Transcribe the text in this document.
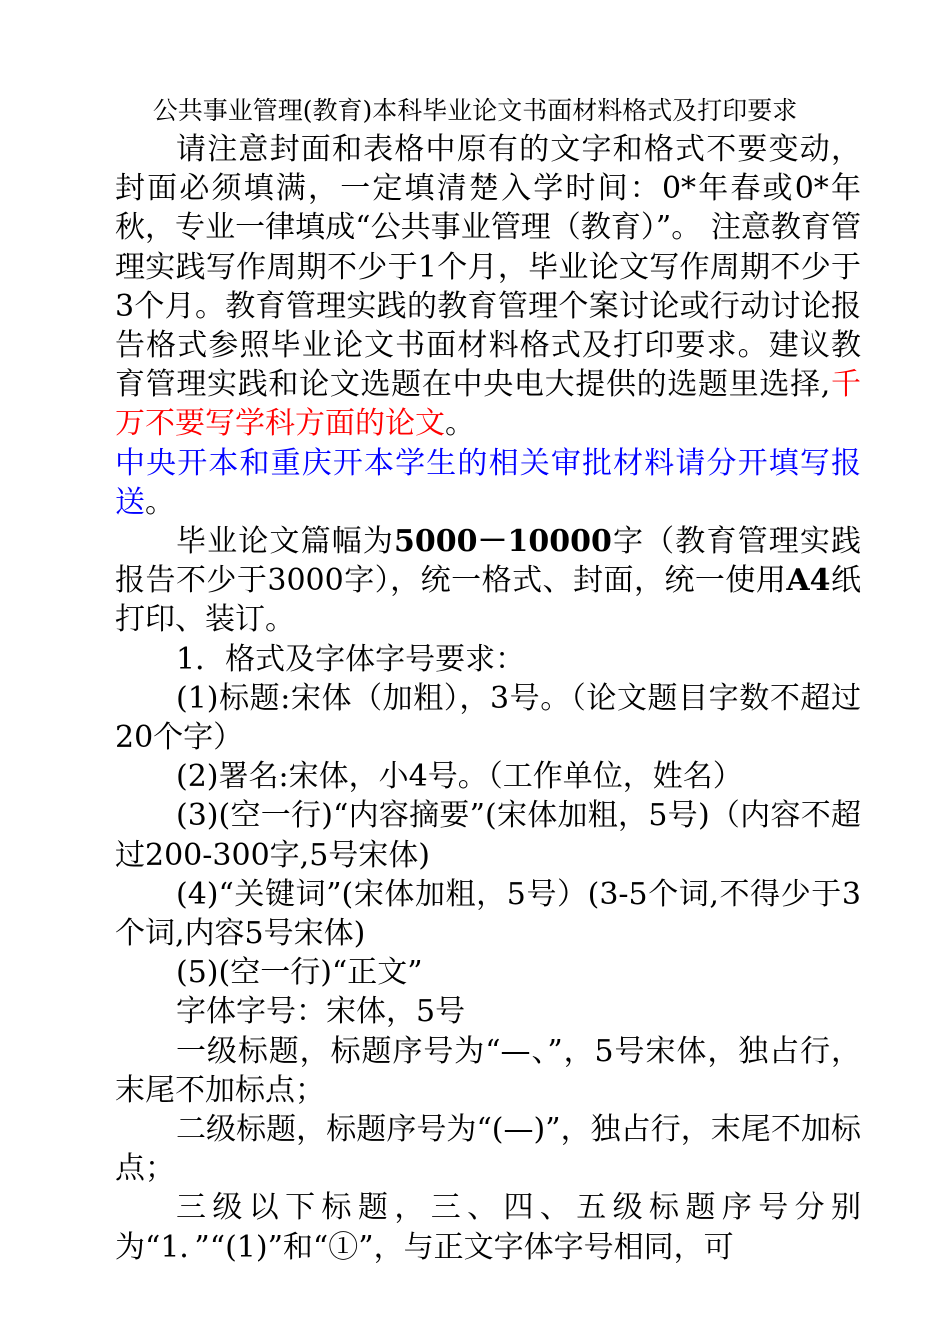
公共事业管理(教育)本科毕业论文书面材料格式及打印要求

请注意封面和表格中原有的文字和格式不要变动，封面必须填满，一定填清楚入学时间：0*年春或0*年秋，专业一律填成“公共事业管理（教育）”。 注意教育管理实践写作周期不少于1个月，毕业论文写作周期不少于3个月。教育管理实践的教育管理个案讨论或行动讨论报告格式参照毕业论文书面材料格式及打印要求。建议教育管理实践和论文选题在中央电大提供的选题里选择,千万不要写学科方面的论文。

中央开本和重庆开本学生的相关审批材料请分开填写报送。

毕业论文篇幅为5000－10000字（教育管理实践报告不少于3000字），统一格式、封面，统一使用A4纸打印、装订。

1．格式及字体字号要求：

(1)标题:宋体（加粗），3号。（论文题目字数不超过20个字）

(2)署名:宋体，小4号。（工作单位，姓名）

(3)(空一行)“内容摘要”(宋体加粗，5号)（内容不超过200-300字,5号宋体)

(4)“关键词”(宋体加粗，5号）(3-5个词,不得少于3个词,内容5号宋体)

(5)(空一行)“正文”

字体字号：宋体，5号

一级标题，标题序号为“—、”，5号宋体，独占行，末尾不加标点；

二级标题，标题序号为“(—)”，独占行，末尾不加标点；

三级以下标题，三、四、五级标题序号分别为“1．”“(1)”和“①”，与正文字体字号相同，可
